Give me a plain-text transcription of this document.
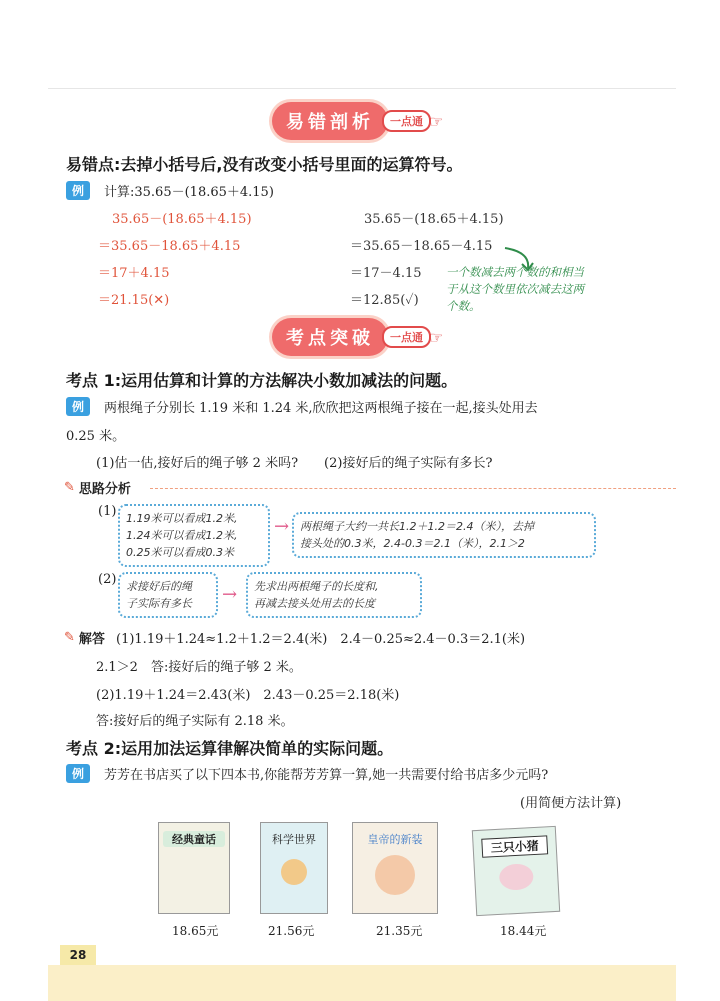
易错剖析	一点通 ☞
易错点:去掉小括号后,没有改变小括号里面的运算符号。
例	计算:35.65－(18.65＋4.15)
35.65－(18.65＋4.15)
＝35.65－18.65＋4.15
＝17＋4.15
＝21.15(✕)
35.65－(18.65＋4.15)
＝35.65－18.65－4.15
＝17－4.15
＝12.85(✓)
一个数减去两个数的和相当于从这个数里依次减去这两个数。
考点突破	一点通 ☞
考点 1:运用估算和计算的方法解决小数加减法的问题。
例	两根绳子分别长 1.19 米和 1.24 米,欣欣把这两根绳子接在一起,接头处用去
0.25 米。
(1)估一估,接好后的绳子够 2 米吗?　　(2)接好后的绳子实际有多长?
✎ 思路分析
(1) 1.19米可以看成1.2米,
1.24米可以看成1.2米,
0.25米可以看成0.3米
→ 两根绳子大约一共长1.2＋1.2＝2.4（米），去掉
接头处的0.3米，2.4-0.3＝2.1（米），2.1＞2
(2) 求接好后的绳
子实际有多长	→ 先求出两根绳子的长度和,
再减去接头处用去的长度
✎ 解答 (1)1.19＋1.24≈1.2＋1.2＝2.4(米)　2.4－0.25≈2.4－0.3＝2.1(米)
2.1＞2　答:接好后的绳子够 2 米。
(2)1.19＋1.24＝2.43(米)　2.43－0.25＝2.18(米)
答:接好后的绳子实际有 2.18 米。
考点 2:运用加法运算律解决简单的实际问题。
例	芳芳在书店买了以下四本书,你能帮芳芳算一算,她一共需要付给书店多少元吗?
(用简便方法计算)
经典童话	科学世界	皇帝的新装	三只小猪
18.65元	21.56元	21.35元	18.44元
28
